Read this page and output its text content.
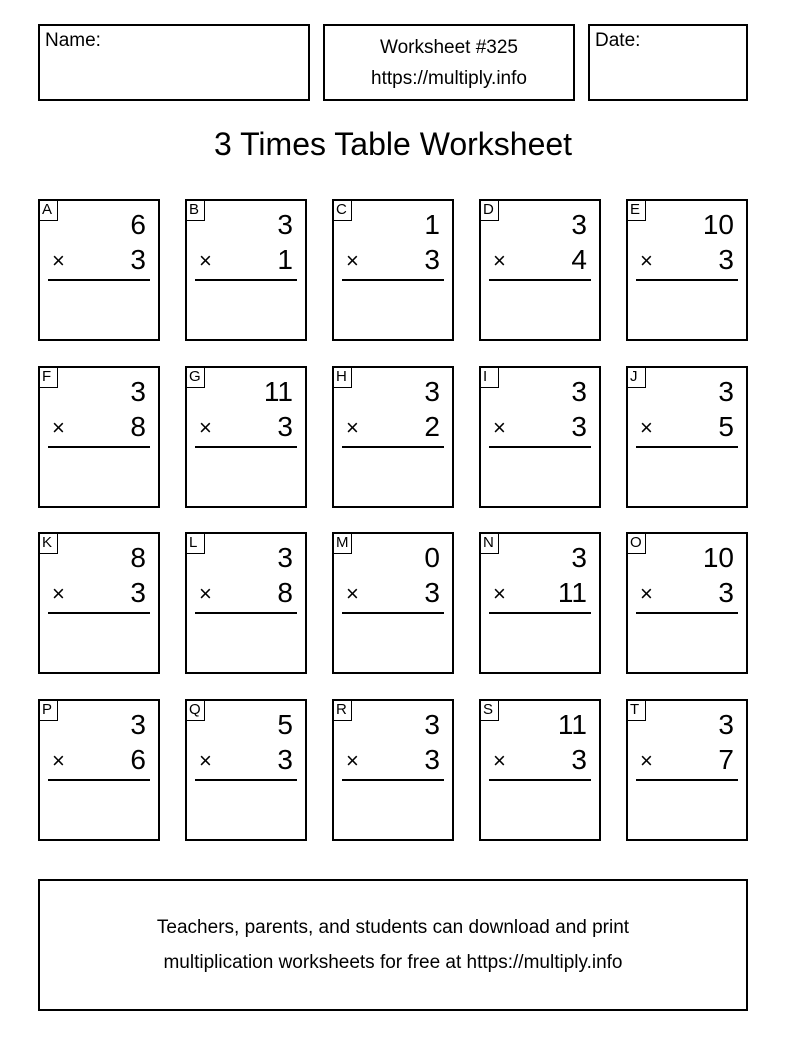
Name:	Worksheet #325
https://multiply.info
Date:
3 Times Table Worksheet
A	6
× 3
B	3
× 1
C	1
× 3
D	3
× 4
E 10
× 3
F	3
× 8
G 11
× 3
H	3
× 2
I	3
× 3
J	3
× 5
K	8
× 3
L	3
× 8
M	0
× 3
N	3
× 11
O 10
× 3
P	3
× 6
Q	5
× 3
R	3
× 3
S 11
× 3
T	3
× 7
Teachers, parents, and students can download and print
multiplication worksheets for free at https://multiply.info
